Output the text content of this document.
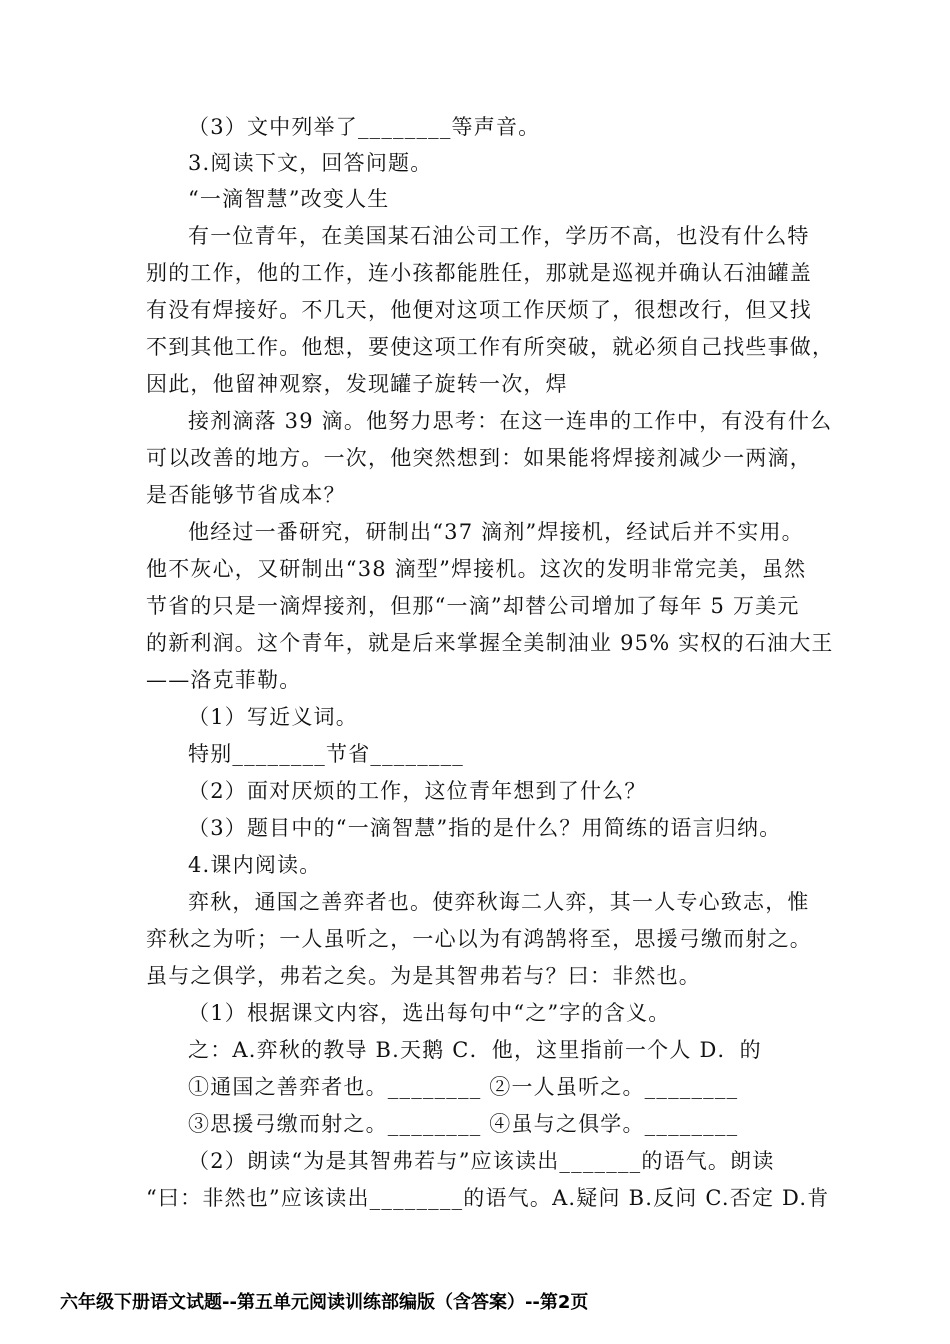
（3）文中列举了________等声音。
3.阅读下文，回答问题。
“一滴智慧”改变人生
有一位青年，在美国某石油公司工作，学历不高，也没有什么特
别的工作，他的工作，连小孩都能胜任，那就是巡视并确认石油罐盖
有没有焊接好。不几天，他便对这项工作厌烦了，很想改行，但又找
不到其他工作。他想，要使这项工作有所突破，就必须自己找些事做，
因此，他留神观察，发现罐子旋转一次，焊
接剂滴落 39 滴。他努力思考：在这一连串的工作中，有没有什么
可以改善的地方。一次，他突然想到：如果能将焊接剂减少一两滴，
是否能够节省成本？
他经过一番研究，研制出“37 滴剂”焊接机，经试后并不实用。
他不灰心，又研制出“38 滴型”焊接机。这次的发明非常完美，虽然
节省的只是一滴焊接剂，但那“一滴”却替公司增加了每年 5 万美元
的新利润。这个青年，就是后来掌握全美制油业 95% 实权的石油大王
——洛克菲勒。
（1）写近义词。
特别________节省________
（2）面对厌烦的工作，这位青年想到了什么？
（3）题目中的“一滴智慧”指的是什么？用简练的语言归纳。
4.课内阅读。
弈秋，通国之善弈者也。使弈秋诲二人弈，其一人专心致志，惟
弈秋之为听；一人虽听之，一心以为有鸿鹄将至，思援弓缴而射之。
虽与之俱学，弗若之矣。为是其智弗若与？曰：非然也。
（1）根据课文内容，选出每句中“之”字的含义。
之：A.弈秋的教导 B.天鹅 C．他，这里指前一个人 D．的
①通国之善弈者也。________ ②一人虽听之。________
③思援弓缴而射之。________ ④虽与之俱学。________
（2）朗读“为是其智弗若与”应该读出_______的语气。朗读
“曰：非然也”应该读出________的语气。A.疑问 B.反问 C.否定 D.肯
六年级下册语文试题--第五单元阅读训练部编版（含答案）--第2页
